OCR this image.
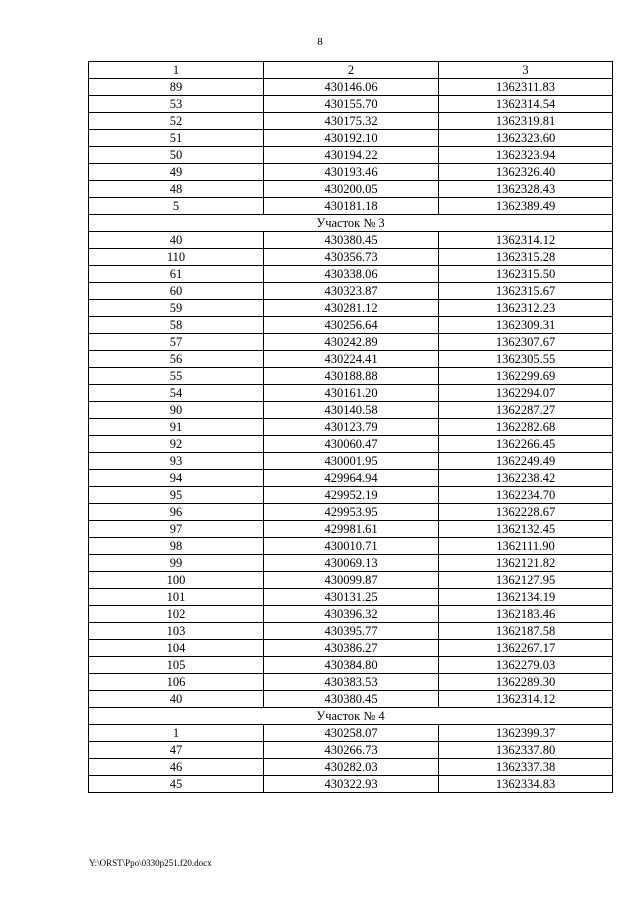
8
1	2	3
89	430146.06	1362311.83
53	430155.70	1362314.54
52	430175.32	1362319.81
51	430192.10	1362323.60
50	430194.22	1362323.94
49	430193.46	1362326.40
48	430200.05	1362328.43
5	430181.18	1362389.49
Участок № 3		
40	430380.45	1362314.12
110	430356.73	1362315.28
61	430338.06	1362315.50
60	430323.87	1362315.67
59	430281.12	1362312.23
58	430256.64	1362309.31
57	430242.89	1362307.67
56	430224.41	1362305.55
55	430188.88	1362299.69
54	430161.20	1362294.07
90	430140.58	1362287.27
91	430123.79	1362282.68
92	430060.47	1362266.45
93	430001.95	1362249.49
94	429964.94	1362238.42
95	429952.19	1362234.70
96	429953.95	1362228.67
97	429981.61	1362132.45
98	430010.71	1362111.90
99	430069.13	1362121.82
100	430099.87	1362127.95
101	430131.25	1362134.19
102	430396.32	1362183.46
103	430395.77	1362187.58
104	430386.27	1362267.17
105	430384.80	1362279.03
106	430383.53	1362289.30
40	430380.45	1362314.12
Участок № 4		
1	430258.07	1362399.37
47	430266.73	1362337.80
46	430282.03	1362337.38
45	430322.93	1362334.83
Y:\ORST\Ppo\0330p251.f20.docx
